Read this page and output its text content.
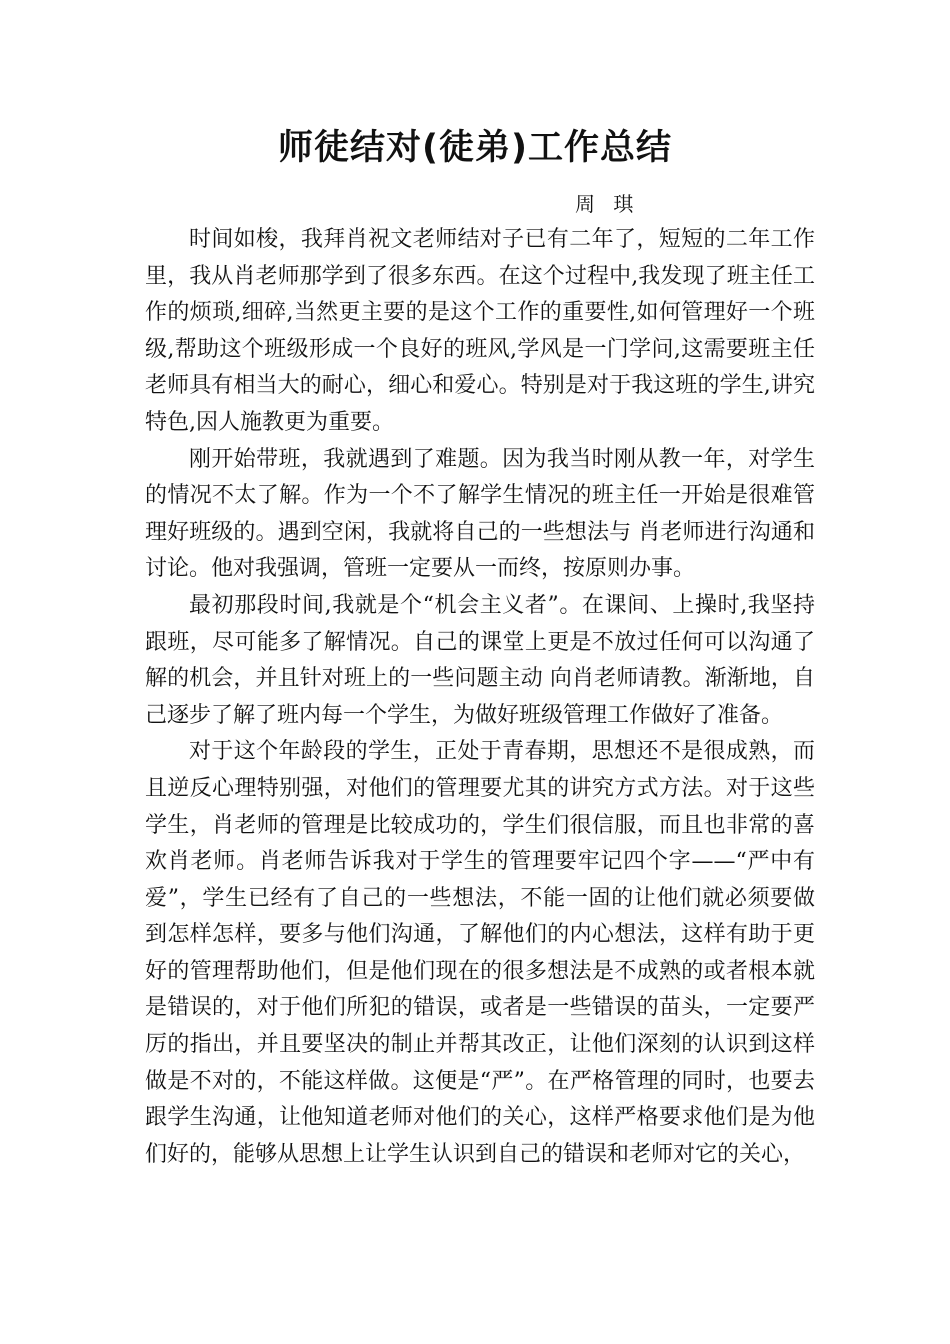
师徒结对(徒弟)工作总结

周 琪

时间如梭，我拜肖祝文老师结对子已有二年了，短短的二年工作里，我从肖老师那学到了很多东西。在这个过程中,我发现了班主任工作的烦琐,细碎,当然更主要的是这个工作的重要性,如何管理好一个班级,帮助这个班级形成一个良好的班风,学风是一门学问,这需要班主任老师具有相当大的耐心，细心和爱心。特别是对于我这班的学生,讲究特色,因人施教更为重要。

刚开始带班，我就遇到了难题。因为我当时刚从教一年，对学生的情况不太了解。作为一个不了解学生情况的班主任一开始是很难管理好班级的。遇到空闲，我就将自己的一些想法与 肖老师进行沟通和讨论。他对我强调，管班一定要从一而终，按原则办事。

最初那段时间,我就是个“机会主义者”。在课间、上操时,我坚持跟班，尽可能多了解情况。自己的课堂上更是不放过任何可以沟通了解的机会，并且针对班上的一些问题主动 向肖老师请教。渐渐地，自己逐步了解了班内每一个学生，为做好班级管理工作做好了准备。

对于这个年龄段的学生，正处于青春期，思想还不是很成熟，而且逆反心理特别强，对他们的管理要尤其的讲究方式方法。对于这些学生，肖老师的管理是比较成功的，学生们很信服，而且也非常的喜欢肖老师。肖老师告诉我对于学生的管理要牢记四个字——“严中有爱”，学生已经有了自己的一些想法，不能一固的让他们就必须要做到怎样怎样，要多与他们沟通，了解他们的内心想法，这样有助于更好的管理帮助他们，但是他们现在的很多想法是不成熟的或者根本就是错误的，对于他们所犯的错误，或者是一些错误的苗头，一定要严厉的指出，并且要坚决的制止并帮其改正，让他们深刻的认识到这样做是不对的，不能这样做。这便是“严”。在严格管理的同时，也要去跟学生沟通，让他知道老师对他们的关心，这样严格要求他们是为他们好的，能够从思想上让学生认识到自己的错误和老师对它的关心，
